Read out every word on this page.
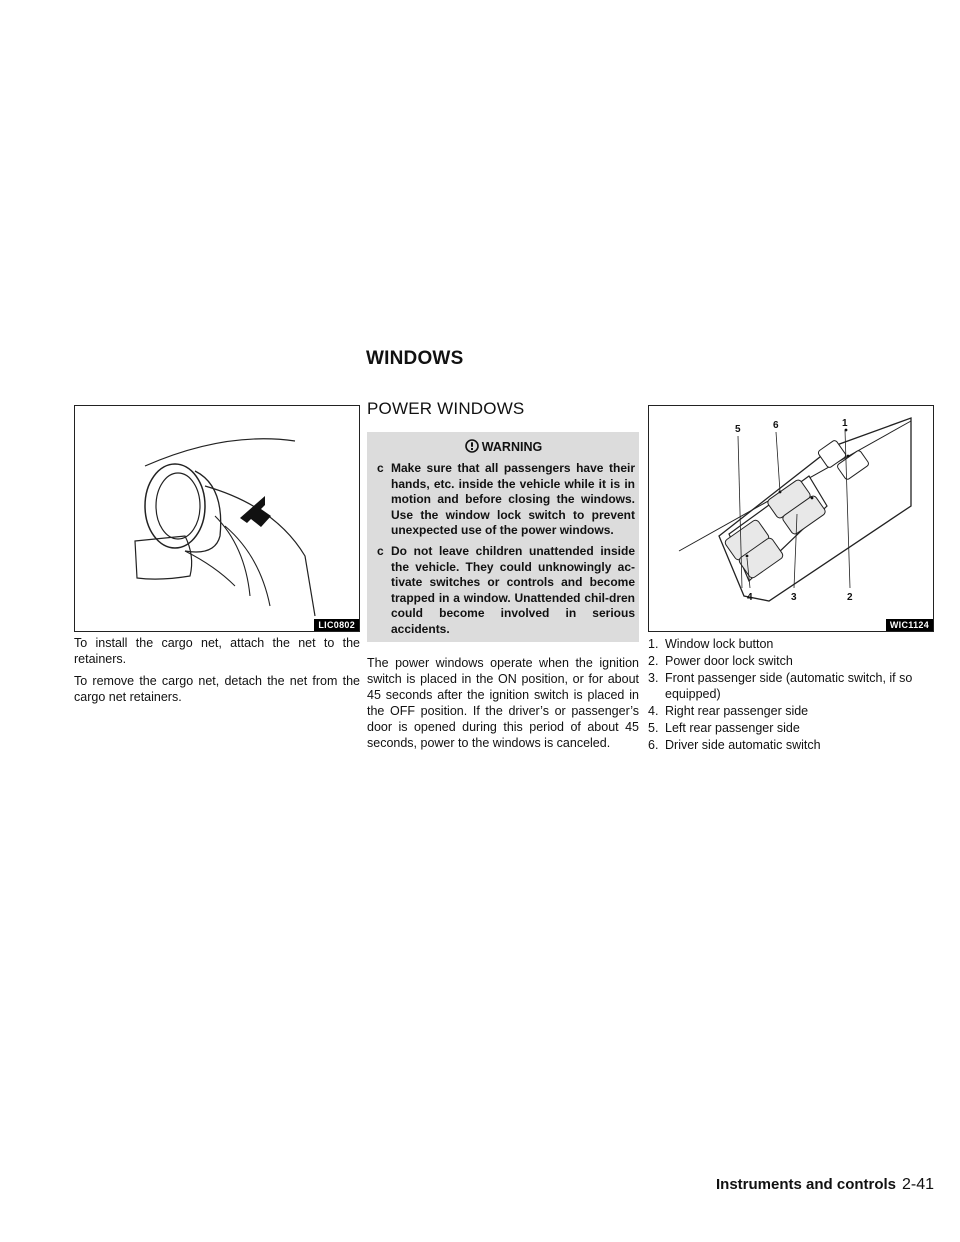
WINDOWS
LIC0802

To install the cargo net, attach the net to the retainers.

To remove the cargo net, detach the net from the cargo net retainers.

POWER WINDOWS
WARNING
c Make sure that all passengers have their hands, etc. inside the vehicle while it is in motion and before closing the windows. Use the window lock switch to prevent unexpected use of the power windows.
c Do not leave children unattended inside the vehicle. They could unknowingly ac-tivate switches or controls and become trapped in a window. Unattended chil-dren could become involved in serious accidents.

The power windows operate when the ignition switch is placed in the ON position, or for about 45 seconds after the ignition switch is placed in the OFF position. If the driver’s or passenger’s door is opened during this period of about 45 seconds, power to the windows is canceled.

5	6	1
4	3	2
WIC1124
1. Window lock button
2. Power door lock switch
3. Front passenger side (automatic switch, if so equipped)
4. Right rear passenger side
5. Left rear passenger side
6. Driver side automatic switch
Instruments and controls 2-41
